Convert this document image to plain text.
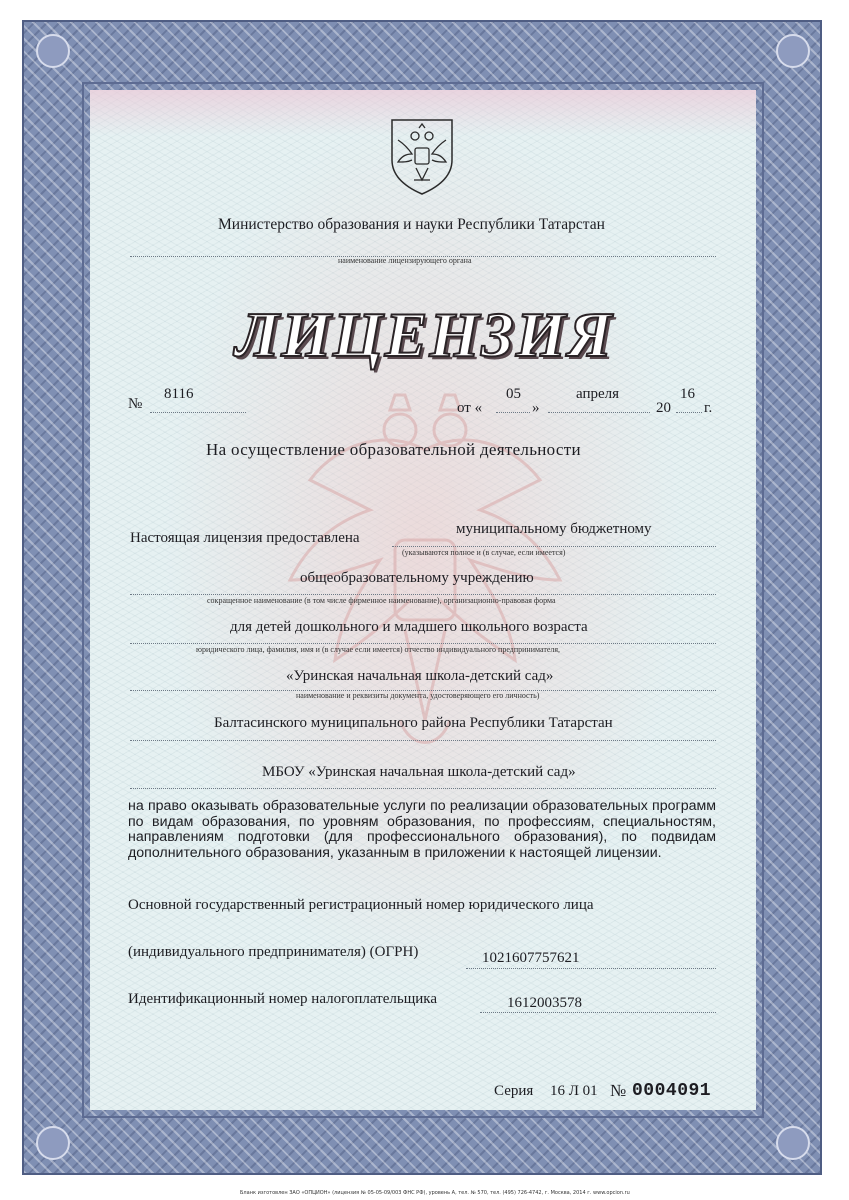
Министерство образования и науки Республики Татарстан
наименование лицензирующего органа
ЛИЦЕНЗИЯ
№
8116
от «
05
»
апреля
20
16
г.
На осуществление образовательной деятельности
Настоящая лицензия предоставлена
муниципальному бюджетному
(указываются полное и (в случае, если имеется)
общеобразовательному учреждению
сокращенное наименование (в том числе фирменное наименование), организационно-правовая форма
для детей дошкольного и младшего школьного возраста
юридического лица, фамилия, имя и (в случае если имеется) отчество индивидуального предпринимателя,
«Уринская начальная школа-детский сад»
наименование и реквизиты документа, удостоверяющего его личность)
Балтасинского муниципального района Республики Татарстан
МБОУ «Уринская начальная школа-детский сад»
на право оказывать образовательные услуги по реализации образовательных программ по видам образования, по уровням образования, по профессиям, специальностям, направлениям подготовки (для профессионального образования), по подвидам дополнительного образования, указанным в приложении к настоящей лицензии.
Основной государственный регистрационный номер юридического лица
(индивидуального предпринимателя) (ОГРН)	1021607757621
Идентификационный номер налогоплательщика	1612003578
Серия 16 Л 01 № 0004091
Бланк изготовлен ЗАО «ОПЦИОН» (лицензия № 05-05-09/003 ФНС РФ), уровень А, тел. № 570, тел. (495) 726-4742, г. Москва, 2014 г. www.opcion.ru
